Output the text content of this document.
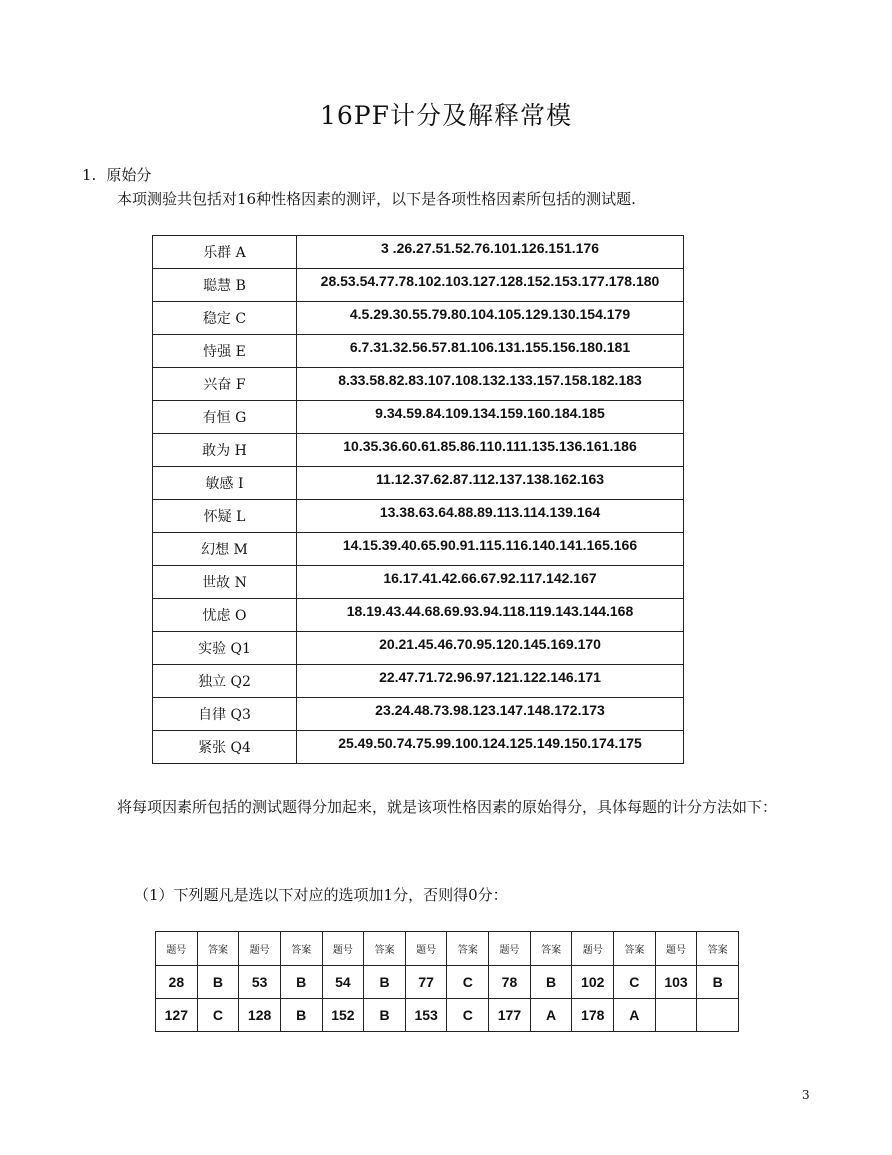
16PF计分及解释常模
1. 原始分
本项测验共包括对16种性格因素的测评，以下是各项性格因素所包括的测试题.
乐群 A	3 .26.27.51.52.76.101.126.151.176
聪慧 B	28.53.54.77.78.102.103.127.128.152.153.177.178.180
稳定 C	4.5.29.30.55.79.80.104.105.129.130.154.179
恃强 E	6.7.31.32.56.57.81.106.131.155.156.180.181
兴奋 F	8.33.58.82.83.107.108.132.133.157.158.182.183
有恒 G	9.34.59.84.109.134.159.160.184.185
敢为 H	10.35.36.60.61.85.86.110.111.135.136.161.186
敏感 I	11.12.37.62.87.112.137.138.162.163
怀疑 L	13.38.63.64.88.89.113.114.139.164
幻想 M	14.15.39.40.65.90.91.115.116.140.141.165.166
世故 N	16.17.41.42.66.67.92.117.142.167
忧虑 O	18.19.43.44.68.69.93.94.118.119.143.144.168
实验 Q1	20.21.45.46.70.95.120.145.169.170
独立 Q2	22.47.71.72.96.97.121.122.146.171
自律 Q3	23.24.48.73.98.123.147.148.172.173
紧张 Q4	25.49.50.74.75.99.100.124.125.149.150.174.175
将每项因素所包括的测试题得分加起来，就是该项性格因素的原始得分，具体每题的计分方法如下：
（1）下列题凡是选以下对应的选项加1分，否则得0分：
题号	答案	题号	答案	题号	答案	题号	答案	题号	答案	题号	答案	题号	答案
28	B	53	B	54	B	77	C	78	B	102	C	103	B
127	C	128	B	152	B	153	C	177	A	178	A		
3
